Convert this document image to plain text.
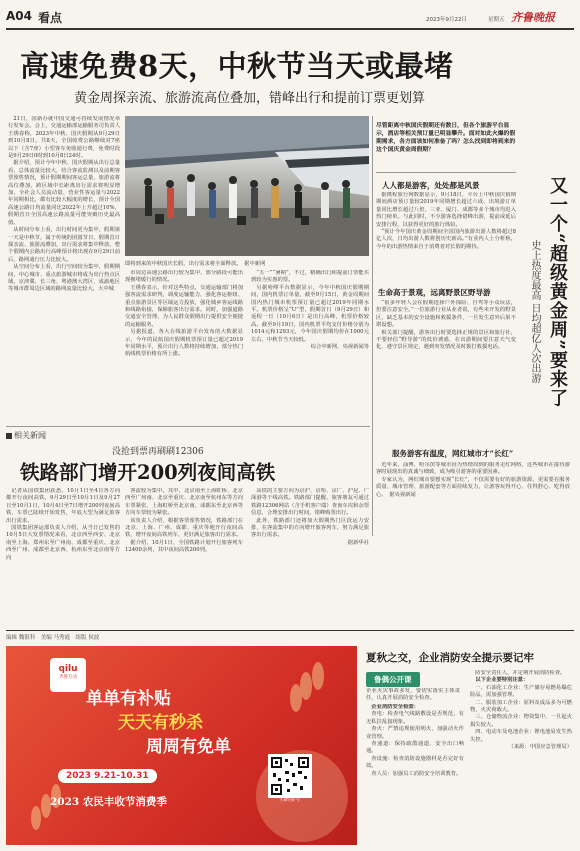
A04 看点	2023年9月22日	星期五 齐鲁晚报
高速免费8天，中秋节当天或最堵
黄金周探亲流、旅游流高位叠加，错峰出行和提前订票更划算

21日，国新办就中国交通可持续发展情况举行发布会。会上，交通运输部运输服务司负责人王绣春称，2023年中秋、国庆假期从9月29日到10月8日，共8天，全国收费公路继续对7座以下（含7座）小型客车免收通行费，免费时段是9月29日0时到10月8日24时。

据介绍，预计今年中秋、国庆假期从出行总量看，总体流量比较大，结合客流监测以及前期客票预售情况，预计假期期间客运总量、旅游流将高位叠加，跨区域中长距离出行需求将明显增加，全社会人员流动量、营业性客运量与2022年同期相比，都有比较大幅度的增长，预计全国高速公路日均流量同比2022年上升超过10%，假期首日全国高速公路流量可能突破历史最高值。

从时间分布上看，出行时间更为集中，假期第一天是中秋节，属于传统的团圆节日，假期首日探亲流、旅游流叠加，出行需求将集中释放。整个假期内公路出行高峰预计将出现在9月29日前后，路网通行压力比较大。

从空间分布上看，出行空间较为集中，假期期间，中心城市、重点旅游城市将成为出行热点区域，京津冀、长三角、粤港澳大湾区、成渝地区等城市群周边区域的路网流量比较大，大中城

即将到来的中秋国庆长假，出行需求将全面释放。　据中新网

市周边高速公路出行较为集中，部分路段可能出现拥堵缓行的情况。

王绣春表示，针对这些特点，交通运输部门将加强客流需求研判，调度运输能力，强化客运枢纽、重点旅游景区等区域运力投放，强化城乡客运线路和线路衔接，保障旅客出行需求。同时，加强道路交通安全管理，为人民群众假期出行提供安全便捷的运输服务。

另据报道，各大在线旅游平台发布的大数据显示，今年的民航国庆假期机票预订量已超过2019年同期水平，预计出行人数将持续增加，部分热门航线机票价格有所上涨。

“五一”“暑期”，不过，精确出行和提前订票能买到较为实惠的票。

另据哈啰平台数据显示，今年中秋国庆假期期间，国内机票订单量，截至9月15日，黄金周期间国内热门城市机票预订量已超过2019年同期水平。机票价格呈“U”型，假期首日（9月29日）和返程一日（10月6日）是出行高峰，机票价格较高。截至9月19日，国内机票平均支付价格分别为1014元和1293元，今年国庆假期均价在1000元左右，中秋节当天较低。

综合中新网、央视新闻等

尽管距离中秋国庆假期还有数日，但各个旅游平台显示，酒店等相关预订量已明显攀升。面对如此火爆的假期需求，各方面该如何准备了吗？怎么找到即将到来的这个国庆黄金周假期？
又一个“超级黄金周”要来了
史上热度最高 日均超亿人次出游
人人都是游客，处处都是风景

据携程旅行网数据显示，9月18日，平台上中秋国庆假期期间酒店预订量较2019年同期增长超过六成，出境游订单量同比增长超过八倍，三亚、厦门、成都等多个城市均进入热门榜单。与此同时，不少游客选择错峰出游，提前或延后安排行程，以获得更好的旅行体验。

“预计今年国庆黄金周期间全国国内旅游出游人数将超过8亿人次，日均出游人数将创历史新高。”有业内人士分析称，今年的出游热情来自于消费者对长假的期待。

生命高于景观，远离野景区野导游

“很多年轻人会在假期选择户外探险、自驾等小众玩法，但要注意安全。”一位旅游行业从业者说，有些未开发的野景区，缺乏基本的安全设施和救援条件，一旦发生意外后果不堪设想。

相关部门提醒，游客出行时要选择正规的景区和旅行社，不要轻信“野导游”的低价诱惑，在出游期间要注意天气变化，遵守景区规定，遇到突发情况及时拨打救援电话。

服务游客有温度，网红城市才“长红”

近年来，淄博、哈尔滨等城市因为热情周到的服务走红网络，这些城市在接待游客时展现出的真诚与细致，成为吸引游客的重要因素。

专家认为，网红城市要想实现“长红”，不仅需要有好的旅游资源，更需要在服务质量、城市管理、旅游配套等方面持续发力，让游客玩得开心、住得舒心、吃得放心。　据央视新闻

相关新闻
没抢到票再刷刷12306
铁路部门增开200列夜间高铁

记者从国铁集团获悉，10月1日至4日各方向都开行夜间高铁，9月29日至10月1日及9月27日至10月1日，10月4日至7日增开200列夜间高铁，车票已陆续开始发售，年底大型为满足旅客出行需求。

国铁集团客运部负责人介绍，从当日已发售的10月5日大发票情况来看，北京西至西安、北京南至上海、郑州东至广州南、成都至重庆、北京西至广州、成都至北京西、杭州东至北京南等方向

客流较为集中。其中，北京南至上海虹桥、北京西至广州南、北京至重庆、北京南至杭州东等方向车票紧张，上海虹桥至北京南、成都东至北京西等方向车票较为紧张。

该负责人介绍，根据客票预售情况，铁路部门在北京、上海、广州、成都、重庆等地开行夜间高铁，增开夜间高铁列车，更好满足旅客出行需求。

据介绍，10月1日，全国铁路计划开行旅客列车12400余列，其中夜间高铁200列。

高铁的主要方向为京沪、京哈、京广、沪昆、广深港等干线高铁。铁路部门提醒，旅客朋友可通过铁路12306网站（含手机客户端）查询车次和余票信息，合理安排出行时间，错峰购票出行。

此外，铁路部门还将加大假期热门区段运力安排，在客流集中的方向增开旅客列车，努力满足旅客出行需求。

据新华社

编辑 魏银科　 美编 马秀霞　 组版 侯波
qilu
齐鲁互动
单单有补贴
天天有秒杀
周周有免单
2023 9.21-10.31
2023 农民丰收节消费季	扫码参与
夏秋之交，企业消防安全提示要记牢
鲁偶公开课
企业火灾事故多发，要切实落实主体责任，认真开展消防安全检查。

企业消防安全检查：

查电：检查电气线路敷设是否规范，有无私拉乱接现象。

查火：严禁违规使用明火，加强动火作业管理。

查通道：保持疏散通道、安全出口畅通。

查设施：检查消防设施器材是否完好有效。

查人员：加强员工消防安全培训教育。

防安全责任人，并定期开展消防检查。

以下企业要特别注意：

一、石油化工企业：生产储存易燃易爆危险品，需加强管理。

二、服装加工企业：原料及成品多为可燃物，火灾荷载大。

三、仓储物流企业：物资集中，一旦起火损失较大。

四、电动车及电池企业：锂电池易发生热失控。

（来源：中国应急管理局）
